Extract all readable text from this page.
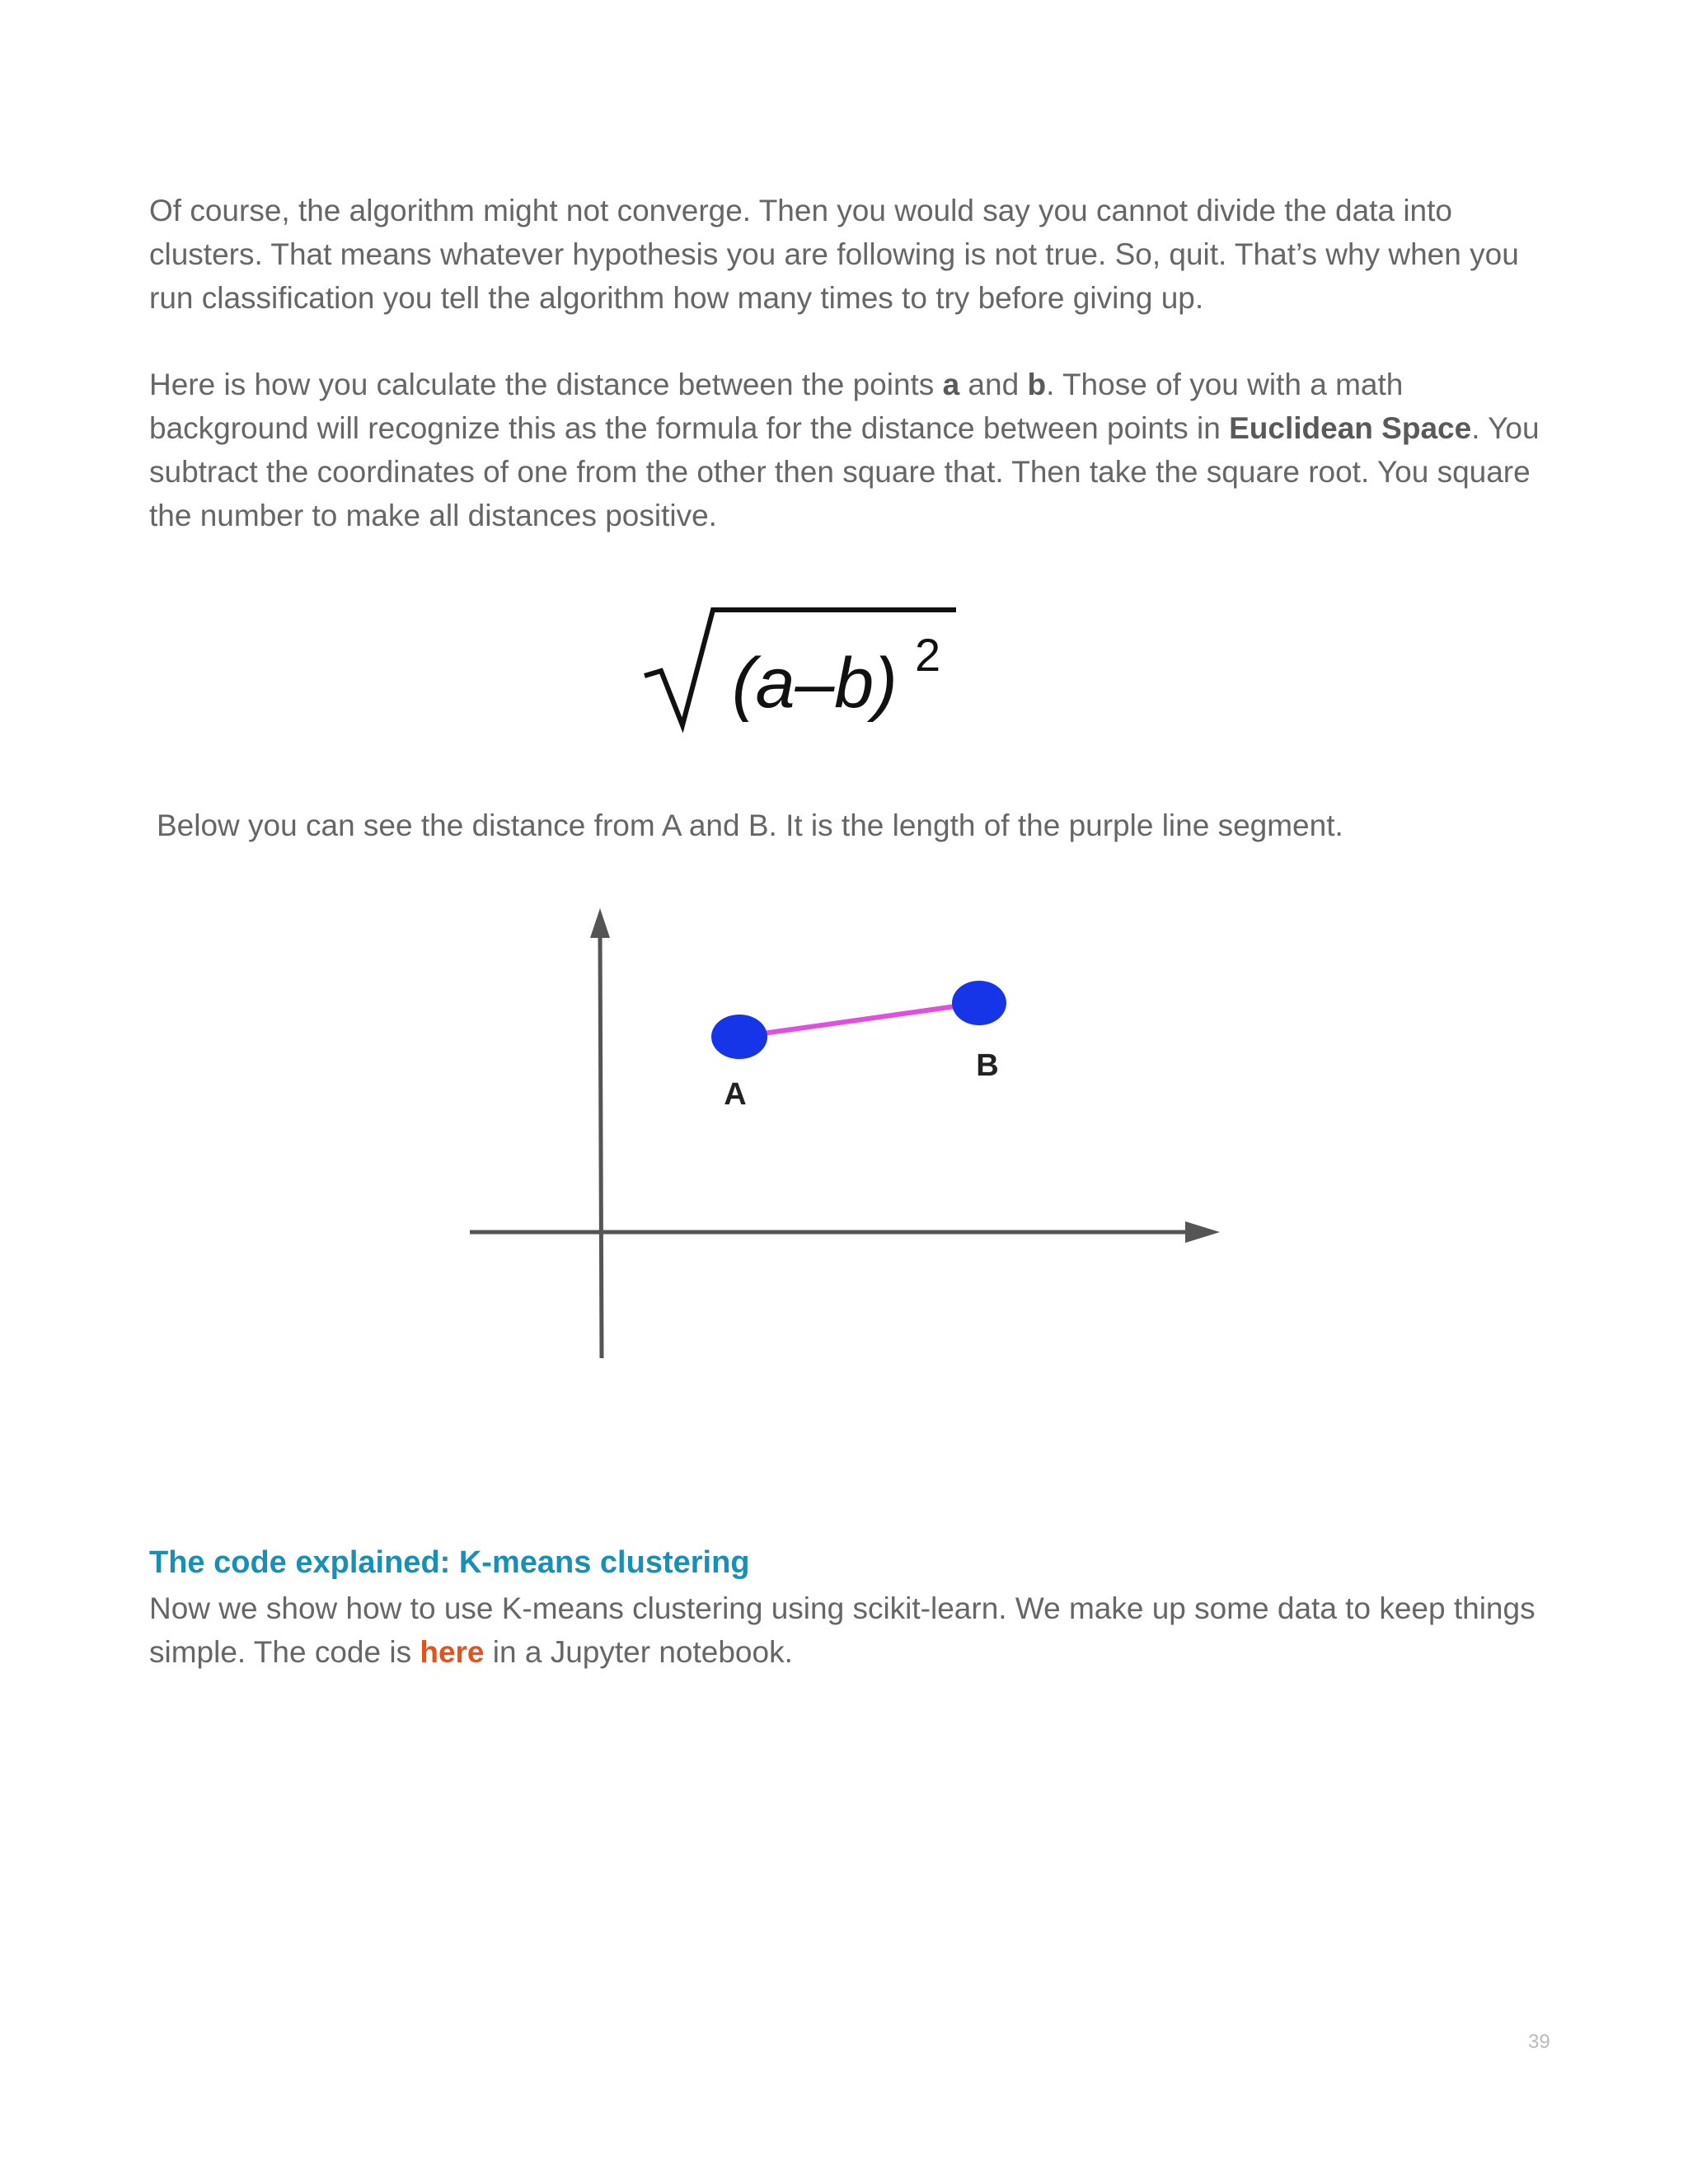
Of course, the algorithm might not converge. Then you would say you cannot divide the data into clusters. That means whatever hypothesis you are following is not true. So, quit. That’s why when you run classification you tell the algorithm how many times to try before giving up.

Here is how you calculate the distance between the points a and b. Those of you with a math background will recognize this as the formula for the distance between points in Euclidean Space. You subtract the coordinates of one from the other then square that. Then take the square root. You square the number to make all distances positive.

(a–b) 2

Below you can see the distance from A and B. It is the length of the purple line segment.

A
B
The code explained: K-means clustering

Now we show how to use K-means clustering using scikit-learn. We make up some data to keep things simple. The code is here in a Jupyter notebook.

39
